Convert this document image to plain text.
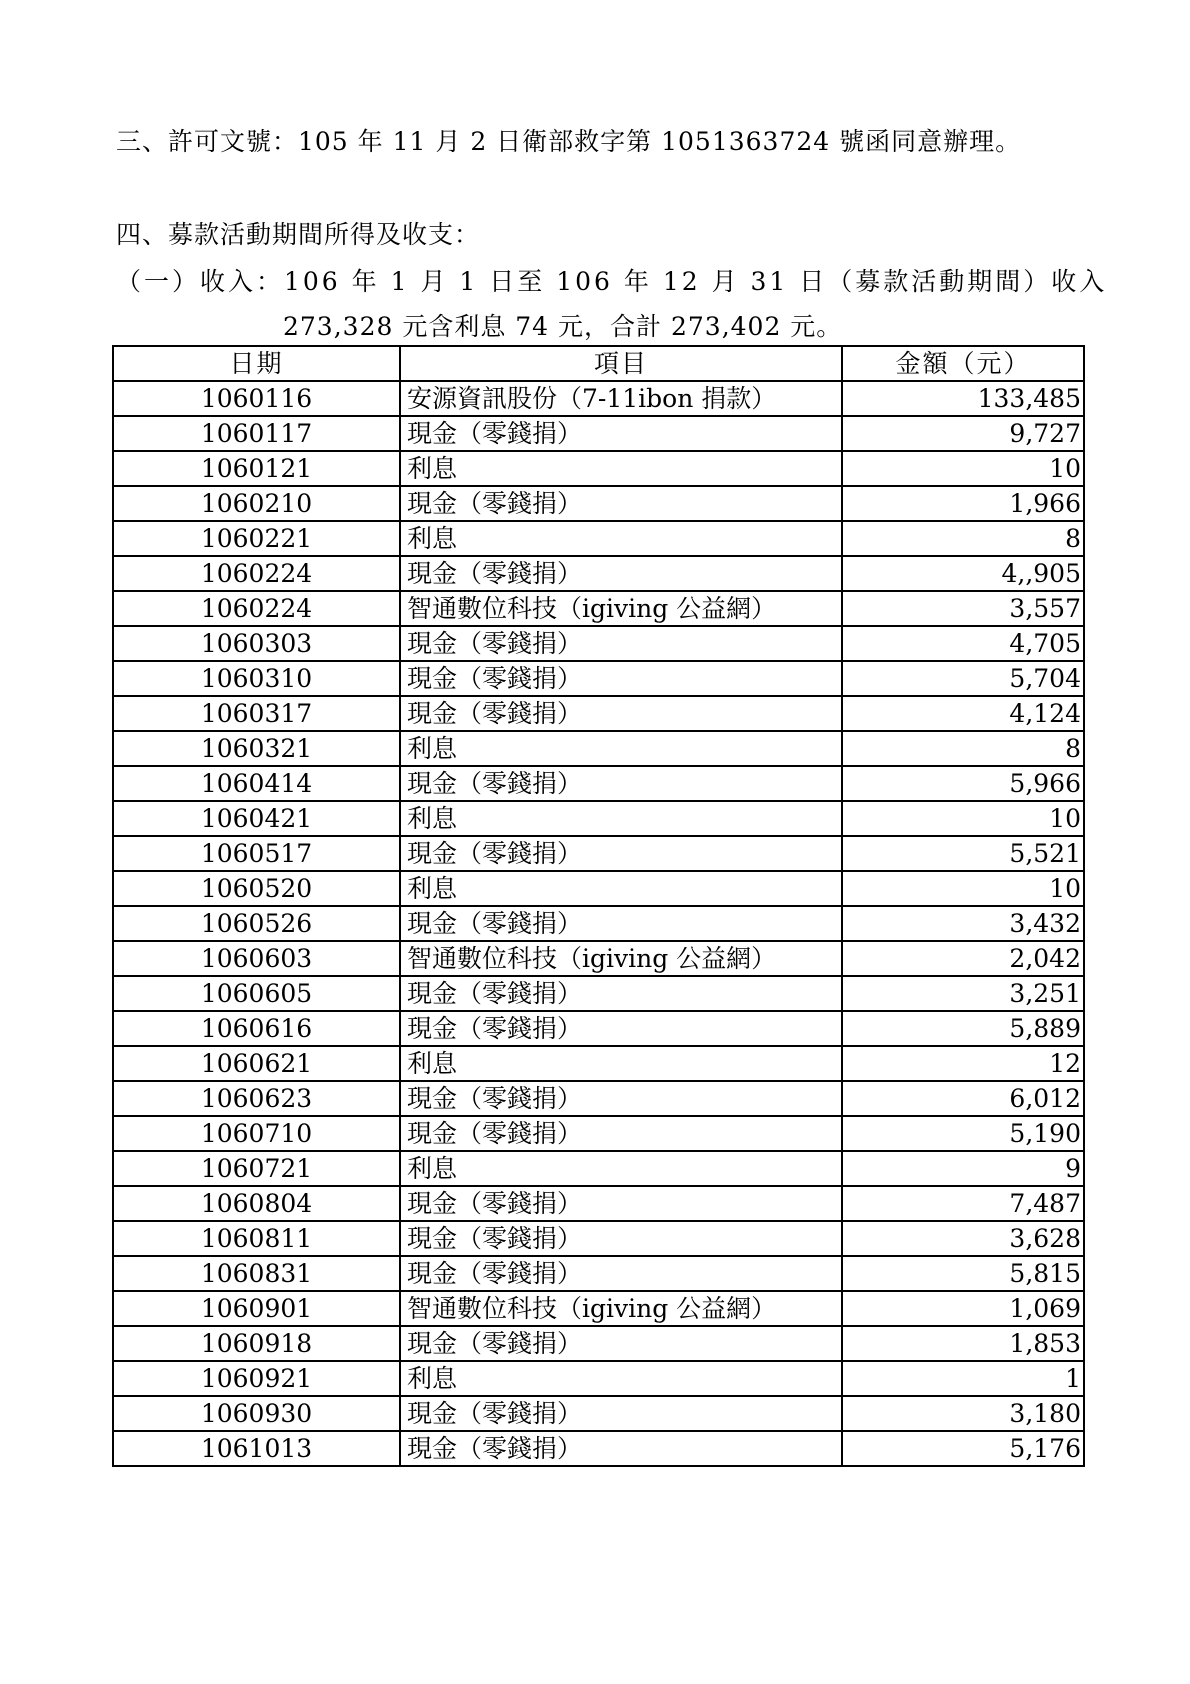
三、許可文號：105 年 11 月 2 日衛部救字第 1051363724 號函同意辦理。
四、募款活動期間所得及收支：
（一）收入：106 年 1 月 1 日至 106 年 12 月 31 日（募款活動期間）收入
273,328 元含利息 74 元，合計 273,402 元。
日期	項目	金額（元）
1060116	安源資訊股份（7-11ibon 捐款）	133,485
1060117	現金（零錢捐）	9,727
1060121	利息	10
1060210	現金（零錢捐）	1,966
1060221	利息	8
1060224	現金（零錢捐）	4,,905
1060224	智通數位科技（igiving 公益網）	3,557
1060303	現金（零錢捐）	4,705
1060310	現金（零錢捐）	5,704
1060317	現金（零錢捐）	4,124
1060321	利息	8
1060414	現金（零錢捐）	5,966
1060421	利息	10
1060517	現金（零錢捐）	5,521
1060520	利息	10
1060526	現金（零錢捐）	3,432
1060603	智通數位科技（igiving 公益網）	2,042
1060605	現金（零錢捐）	3,251
1060616	現金（零錢捐）	5,889
1060621	利息	12
1060623	現金（零錢捐）	6,012
1060710	現金（零錢捐）	5,190
1060721	利息	9
1060804	現金（零錢捐）	7,487
1060811	現金（零錢捐）	3,628
1060831	現金（零錢捐）	5,815
1060901	智通數位科技（igiving 公益網）	1,069
1060918	現金（零錢捐）	1,853
1060921	利息	1
1060930	現金（零錢捐）	3,180
1061013	現金（零錢捐）	5,176
